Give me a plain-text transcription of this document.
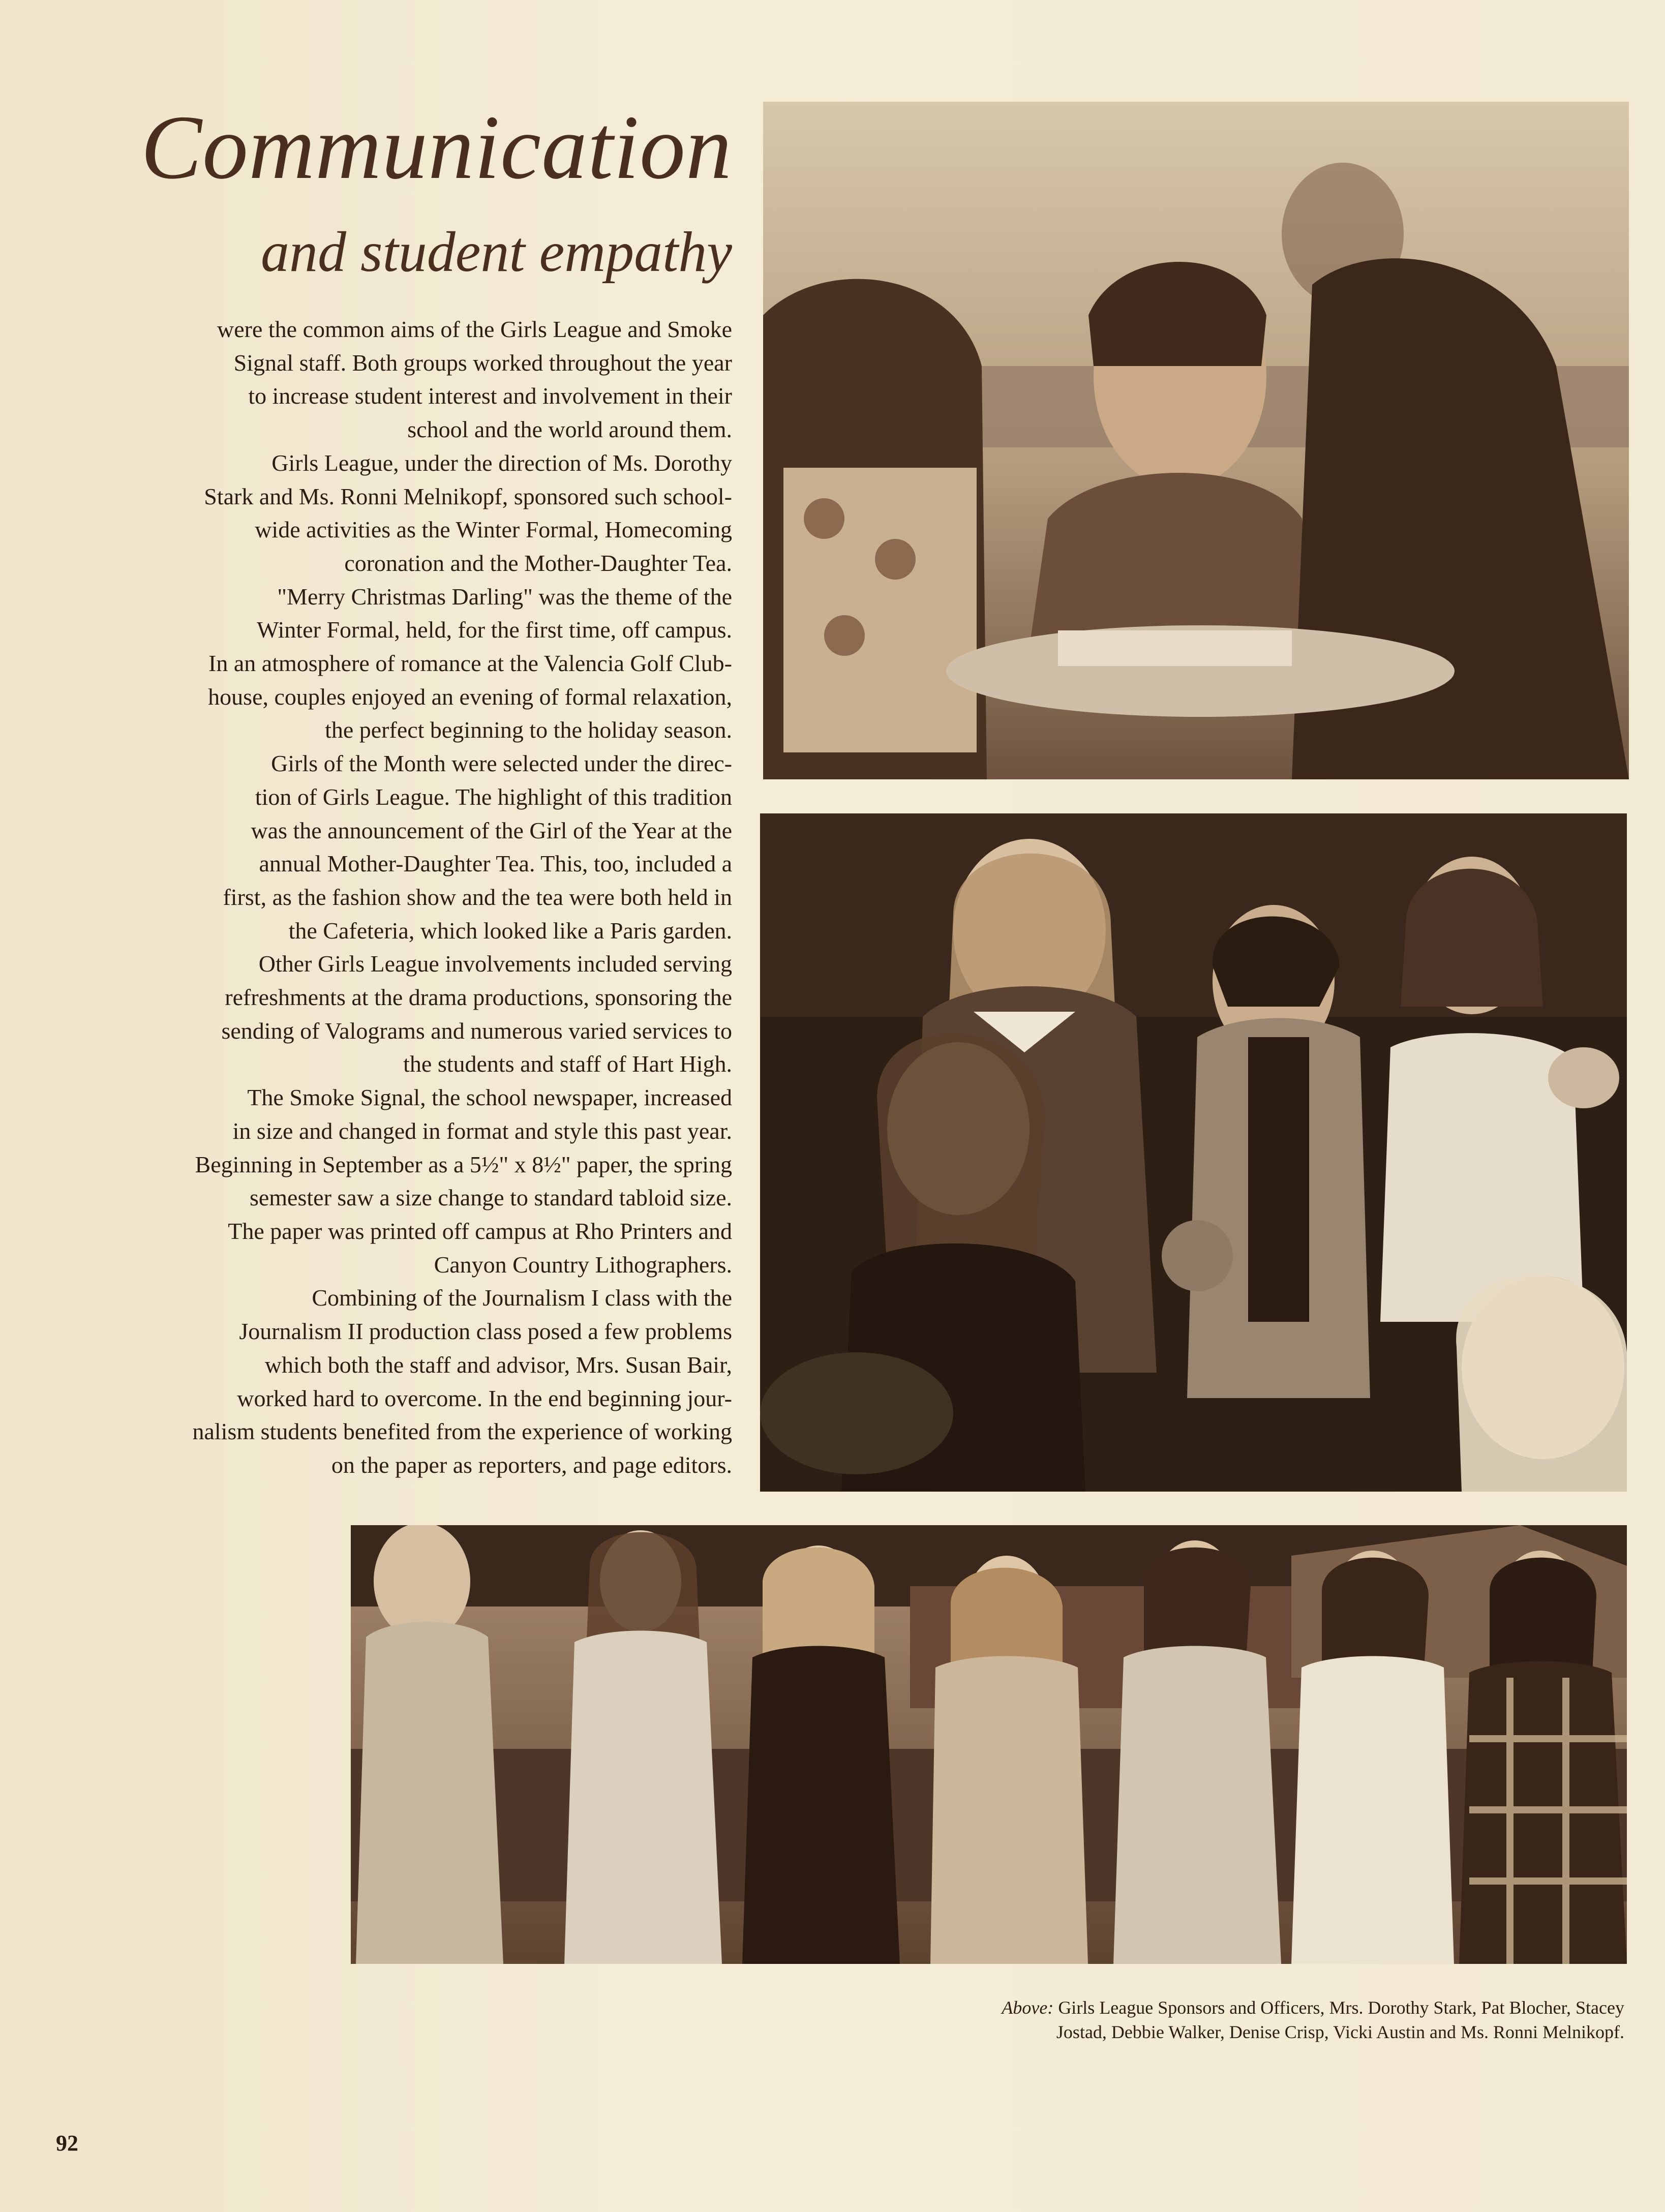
Communication
and student empathy
were the common aims of the Girls League and Smoke
Signal staff. Both groups worked throughout the year
to increase student interest and involvement in their
school and the world around them.
Girls League, under the direction of Ms. Dorothy
Stark and Ms. Ronni Melnikopf, sponsored such school-
wide activities as the Winter Formal, Homecoming
coronation and the Mother-Daughter Tea.
"Merry Christmas Darling" was the theme of the
Winter Formal, held, for the first time, off campus.
In an atmosphere of romance at the Valencia Golf Club-
house, couples enjoyed an evening of formal relaxation,
the perfect beginning to the holiday season.
Girls of the Month were selected under the direc-
tion of Girls League. The highlight of this tradition
was the announcement of the Girl of the Year at the
annual Mother-Daughter Tea. This, too, included a
first, as the fashion show and the tea were both held in
the Cafeteria, which looked like a Paris garden.
Other Girls League involvements included serving
refreshments at the drama productions, sponsoring the
sending of Valograms and numerous varied services to
the students and staff of Hart High.
The Smoke Signal, the school newspaper, increased
in size and changed in format and style this past year.
Beginning in September as a 5½" x 8½" paper, the spring
semester saw a size change to standard tabloid size.
The paper was printed off campus at Rho Printers and
Canyon Country Lithographers.
Combining of the Journalism I class with the
Journalism II production class posed a few problems
which both the staff and advisor, Mrs. Susan Bair,
worked hard to overcome. In the end beginning jour-
nalism students benefited from the experience of working
on the paper as reporters, and page editors.
Above: Girls League Sponsors and Officers, Mrs. Dorothy Stark, Pat Blocher, Stacey
Jostad, Debbie Walker, Denise Crisp, Vicki Austin and Ms. Ronni Melnikopf.
92
